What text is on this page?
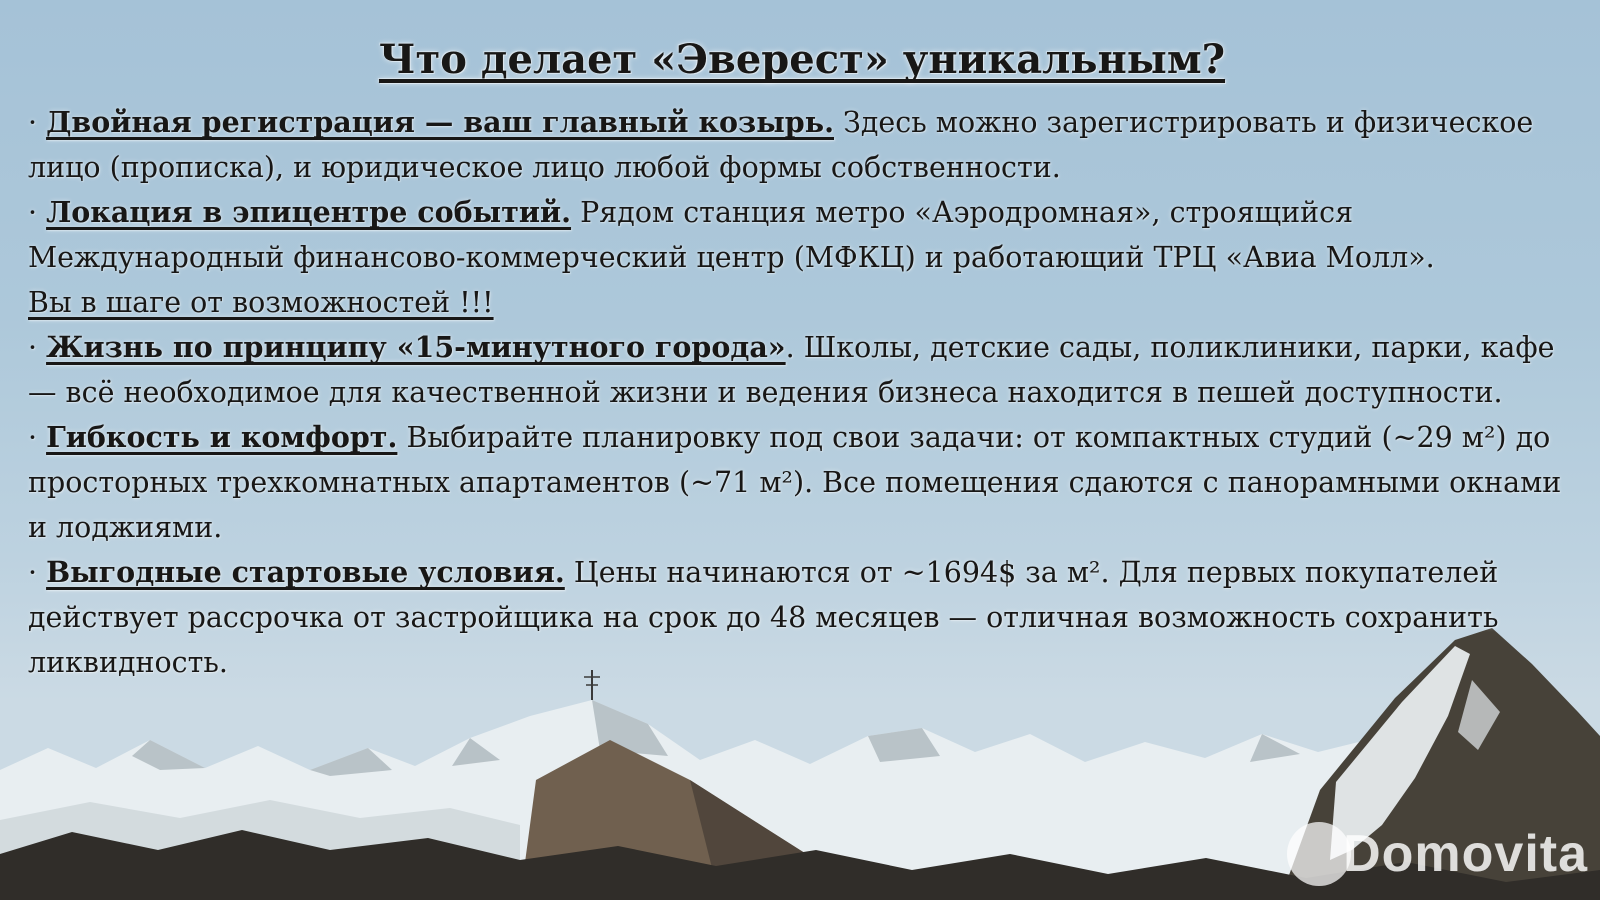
Что делает «Эверест» уникальным?

· Двойная регистрация — ваш главный козырь. Здесь можно зарегистрировать и физическое лицо (прописка), и юридическое лицо любой формы собственности.

· Локация в эпицентре событий. Рядом станция метро «Аэродромная», строящийся Международный финансово-коммерческий центр (МФКЦ) и работающий ТРЦ «Авиа Молл».

Вы в шаге от возможностей !!!

· Жизнь по принципу «15-минутного города». Школы, детские сады, поликлиники, парки, кафе — всё необходимое для качественной жизни и ведения бизнеса находится в пешей доступности.

· Гибкость и комфорт. Выбирайте планировку под свои задачи: от компактных студий (~29 м²) до просторных трехкомнатных апартаментов (~71 м²). Все помещения сдаются с панорамными окнами и лоджиями.

· Выгодные стартовые условия. Цены начинаются от ~1694$ за м². Для первых покупателей действует рассрочка от застройщика на срок до 48 месяцев — отличная возможность сохранить ликвидность.

Domovita
